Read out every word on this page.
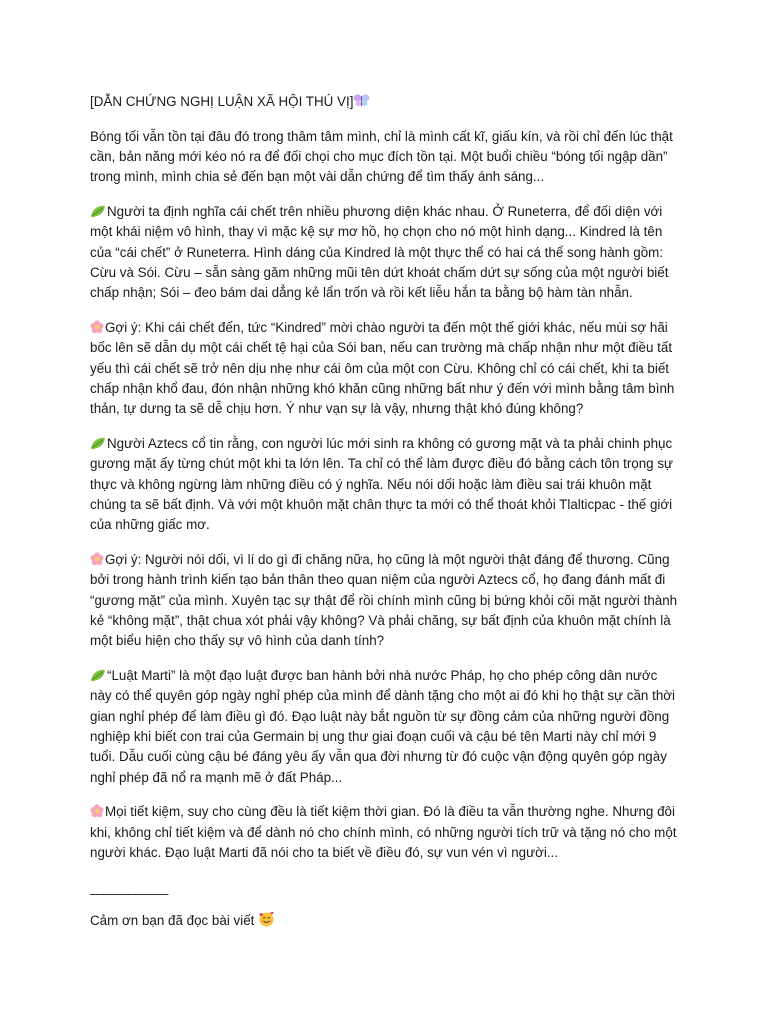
[DẪN CHỨNG NGHỊ LUẬN XÃ HỘI THÚ VỊ]

Bóng tối vẫn tồn tại đâu đó trong thâm tâm mình, chỉ là mình cất kĩ, giấu kín, và rồi chỉ đến lúc thật cần, bản năng mới kéo nó ra để đối chọi cho mục đích tồn tại. Một buổi chiều “bóng tối ngập dần” trong mình, mình chia sẻ đến bạn một vài dẫn chứng để tìm thấy ánh sáng...

Người ta định nghĩa cái chết trên nhiều phương diện khác nhau. Ở Runeterra, để đối diện với một khái niệm vô hình, thay vì mặc kệ sự mơ hồ, họ chọn cho nó một hình dạng... Kindred là tên của “cái chết” ở Runeterra. Hình dáng của Kindred là một thực thể có hai cá thể song hành gồm: Cừu và Sói. Cừu – sẵn sàng găm những mũi tên dứt khoát chấm dứt sự sống của một người biết chấp nhận; Sói – đeo bám dai dẳng kẻ lẩn trốn và rồi kết liễu hắn ta bằng bộ hàm tàn nhẫn.

Gợi ý: Khi cái chết đến, tức “Kindred” mời chào người ta đến một thế giới khác, nếu mùi sợ hãi bốc lên sẽ dẫn dụ một cái chết tệ hại của Sói ban, nếu can trường mà chấp nhận như một điều tất yếu thì cái chết sẽ trở nên dịu nhẹ như cái ôm của một con Cừu. Không chỉ có cái chết, khi ta biết chấp nhận khổ đau, đón nhận những khó khăn cũng những bất như ý đến với mình bằng tâm bình thản, tự dưng ta sẽ dễ chịu hơn. Ý như vạn sự là vậy, nhưng thật khó đúng không?

Người Aztecs cổ tin rằng, con người lúc mới sinh ra không có gương mặt và ta phải chinh phục gương mặt ấy từng chút một khi ta lớn lên. Ta chỉ có thể làm được điều đó bằng cách tôn trọng sự thực và không ngừng làm những điều có ý nghĩa. Nếu nói dối hoặc làm điều sai trái khuôn mặt chúng ta sẽ bất định. Và với một khuôn mặt chân thực ta mới có thể thoát khỏi Tlalticpac - thế giới của những giấc mơ.

Gợi ý: Người nói dối, vì lí do gì đi chăng nữa, họ cũng là một người thật đáng để thương. Cũng bởi trong hành trình kiến tạo bản thân theo quan niệm của người Aztecs cổ, họ đang đánh mất đi “gương mặt” của mình. Xuyên tạc sự thật để rồi chính mình cũng bị bứng khỏi cõi mặt người thành kẻ “không mặt”, thật chua xót phải vậy không? Và phải chăng, sự bất định của khuôn mặt chính là một biểu hiện cho thấy sự vô hình của danh tính?

“Luật Marti” là một đạo luật được ban hành bởi nhà nước Pháp, họ cho phép công dân nước này có thể quyên góp ngày nghỉ phép của mình để dành tặng cho một ai đó khi họ thật sự cần thời gian nghỉ phép để làm điều gì đó. Đạo luật này bắt nguồn từ sự đồng cảm của những người đồng nghiệp khi biết con trai của Germain bị ung thư giai đoạn cuối và cậu bé tên Marti này chỉ mới 9 tuổi. Dẫu cuối cùng cậu bé đáng yêu ấy vẫn qua đời nhưng từ đó cuộc vận động quyên góp ngày nghỉ phép đã nổ ra mạnh mẽ ở đất Pháp...

Mọi tiết kiệm, suy cho cùng đều là tiết kiệm thời gian. Đó là điều ta vẫn thường nghe. Nhưng đôi khi, không chỉ tiết kiệm và để dành nó cho chính mình, có những người tích trữ và tặng nó cho một người khác. Đạo luật Marti đã nói cho ta biết về điều đó, sự vun vén vì người...

____________
Cảm ơn bạn đã đọc bài viết
